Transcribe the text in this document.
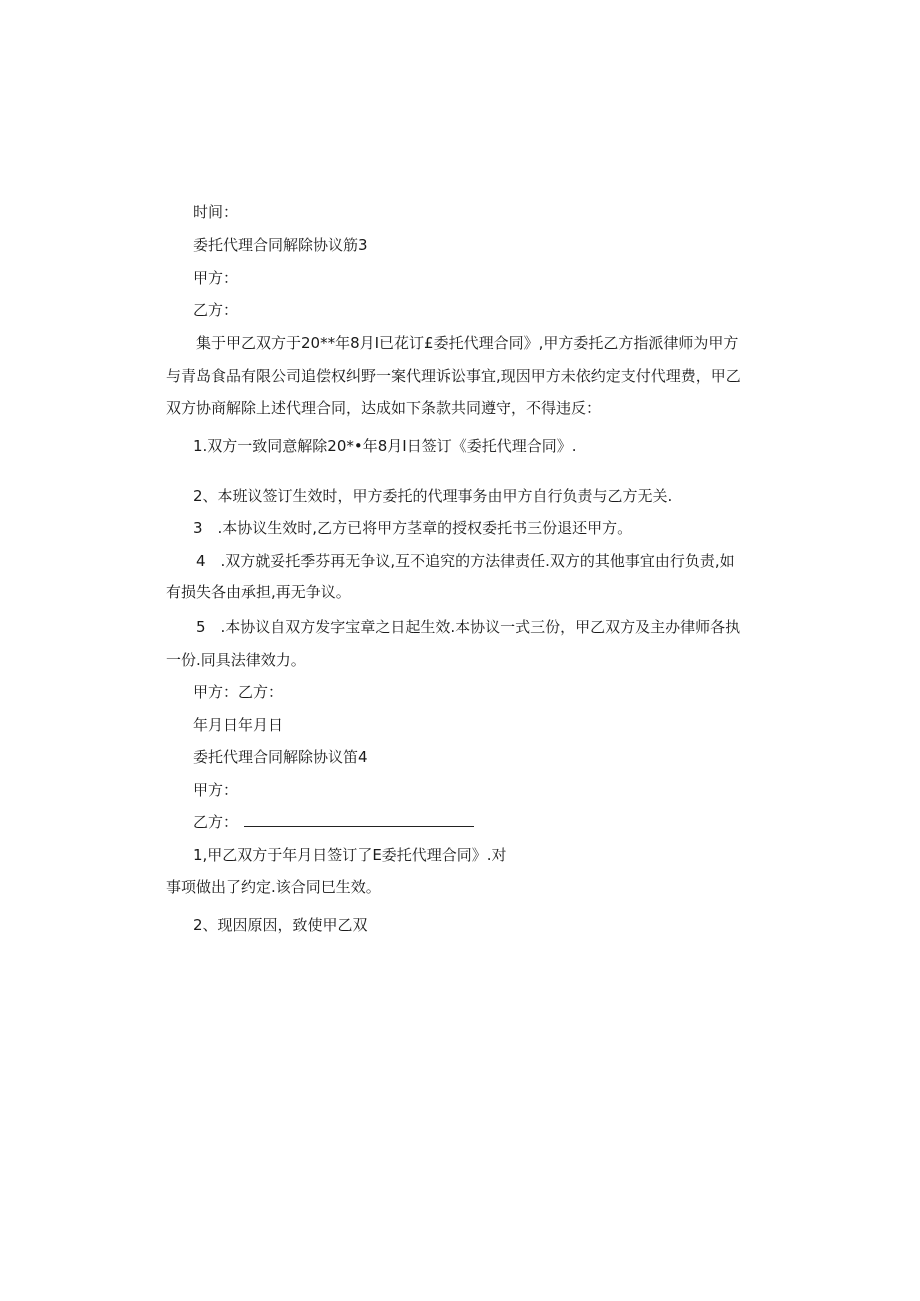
时间：
委托代理合同解除协议筋3
甲方：
乙方：
集于甲乙双方于20**年8月I已花订£委托代理合同》,甲方委托乙方指派律师为甲方
与青岛食品有限公司追偿权纠野一案代理诉讼事宜,现因甲方未依约定支付代理费，甲乙
双方协商解除上述代理合同，达成如下条款共同遵守，不得违反：
1.双方一致同意解除20*•年8月I日签订《委托代理合同》.
2、本班议签订生效时，甲方委托的代理事务由甲方自行负责与乙方无关.
3　.本协议生效时,乙方已将甲方茎章的授权委托书三份退还甲方。
4　.双方就妥托季芬再无争议,互不追究的方法律责任.双方的其他事宜由行负责,如
有损失各由承担,再无争议。
5　.本协议自双方发字宝章之日起生效.本协议一式三份，甲乙双方及主办律师各执
一份.同具法律效力。
甲方：乙方：
年月日年月日
委托代理合同解除协议笛4
甲方：
乙方：
1,甲乙双方于年月日签订了E委托代理合同》.对
事项做出了约定.该合同巳生效。
2、现因原因，致使甲乙双
